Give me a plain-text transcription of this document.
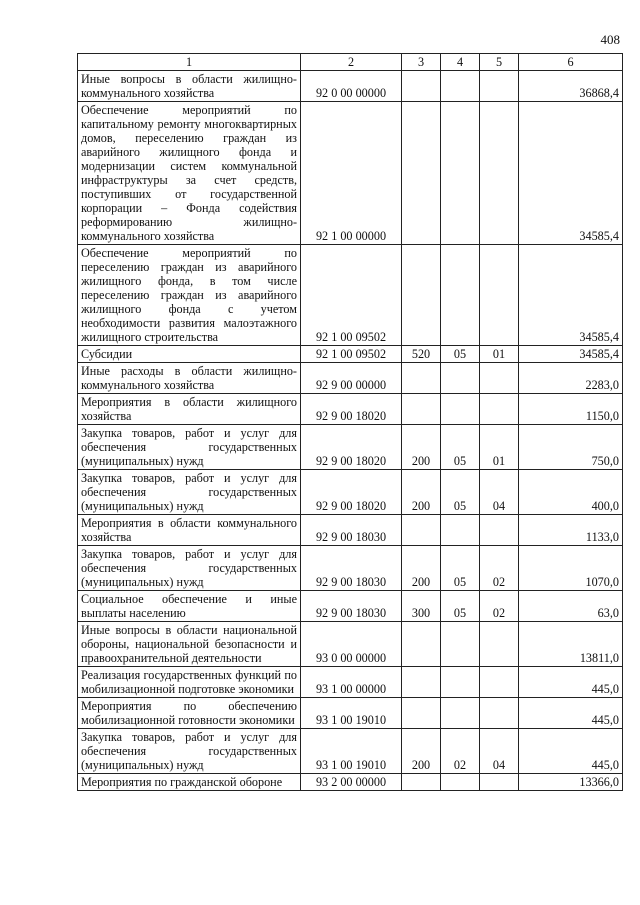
408
1	2	3	4	5	6
Иные вопросы в области жилищно-коммунального хозяйства	92 0 00 00000				36868,4
Обеспечение мероприятий по капитальному ремонту многоквартирных домов, переселению граждан из аварийного жилищного фонда и модернизации систем коммунальной инфраструктуры за счет средств, поступивших от государственной корпорации – Фонда содействия реформированию жилищно-коммунального хозяйства	92 1 00 00000				34585,4
Обеспечение мероприятий по переселению граждан из аварийного жилищного фонда, в том числе переселению граждан из аварийного жилищного фонда с учетом необходимости развития малоэтажного жилищного строительства	92 1 00 09502				34585,4
Субсидии	92 1 00 09502	520	05	01	34585,4
Иные расходы в области жилищно-коммунального хозяйства	92 9 00 00000				2283,0
Мероприятия в области жилищного хозяйства	92 9 00 18020				1150,0
Закупка товаров, работ и услуг для обеспечения государственных (муниципальных) нужд	92 9 00 18020	200	05	01	750,0
Закупка товаров, работ и услуг для обеспечения государственных (муниципальных) нужд	92 9 00 18020	200	05	04	400,0
Мероприятия в области коммунального хозяйства	92 9 00 18030				1133,0
Закупка товаров, работ и услуг для обеспечения государственных (муниципальных) нужд	92 9 00 18030	200	05	02	1070,0
Социальное обеспечение и иные выплаты населению	92 9 00 18030	300	05	02	63,0
Иные вопросы в области национальной обороны, национальной безопасности и правоохранительной деятельности	93 0 00 00000				13811,0
Реализация государственных функций по мобилизационной подготовке экономики	93 1 00 00000				445,0
Мероприятия по обеспечению мобилизационной готовности экономики	93 1 00 19010				445,0
Закупка товаров, работ и услуг для обеспечения государственных (муниципальных) нужд	93 1 00 19010	200	02	04	445,0
Мероприятия по гражданской обороне	93 2 00 00000				13366,0
